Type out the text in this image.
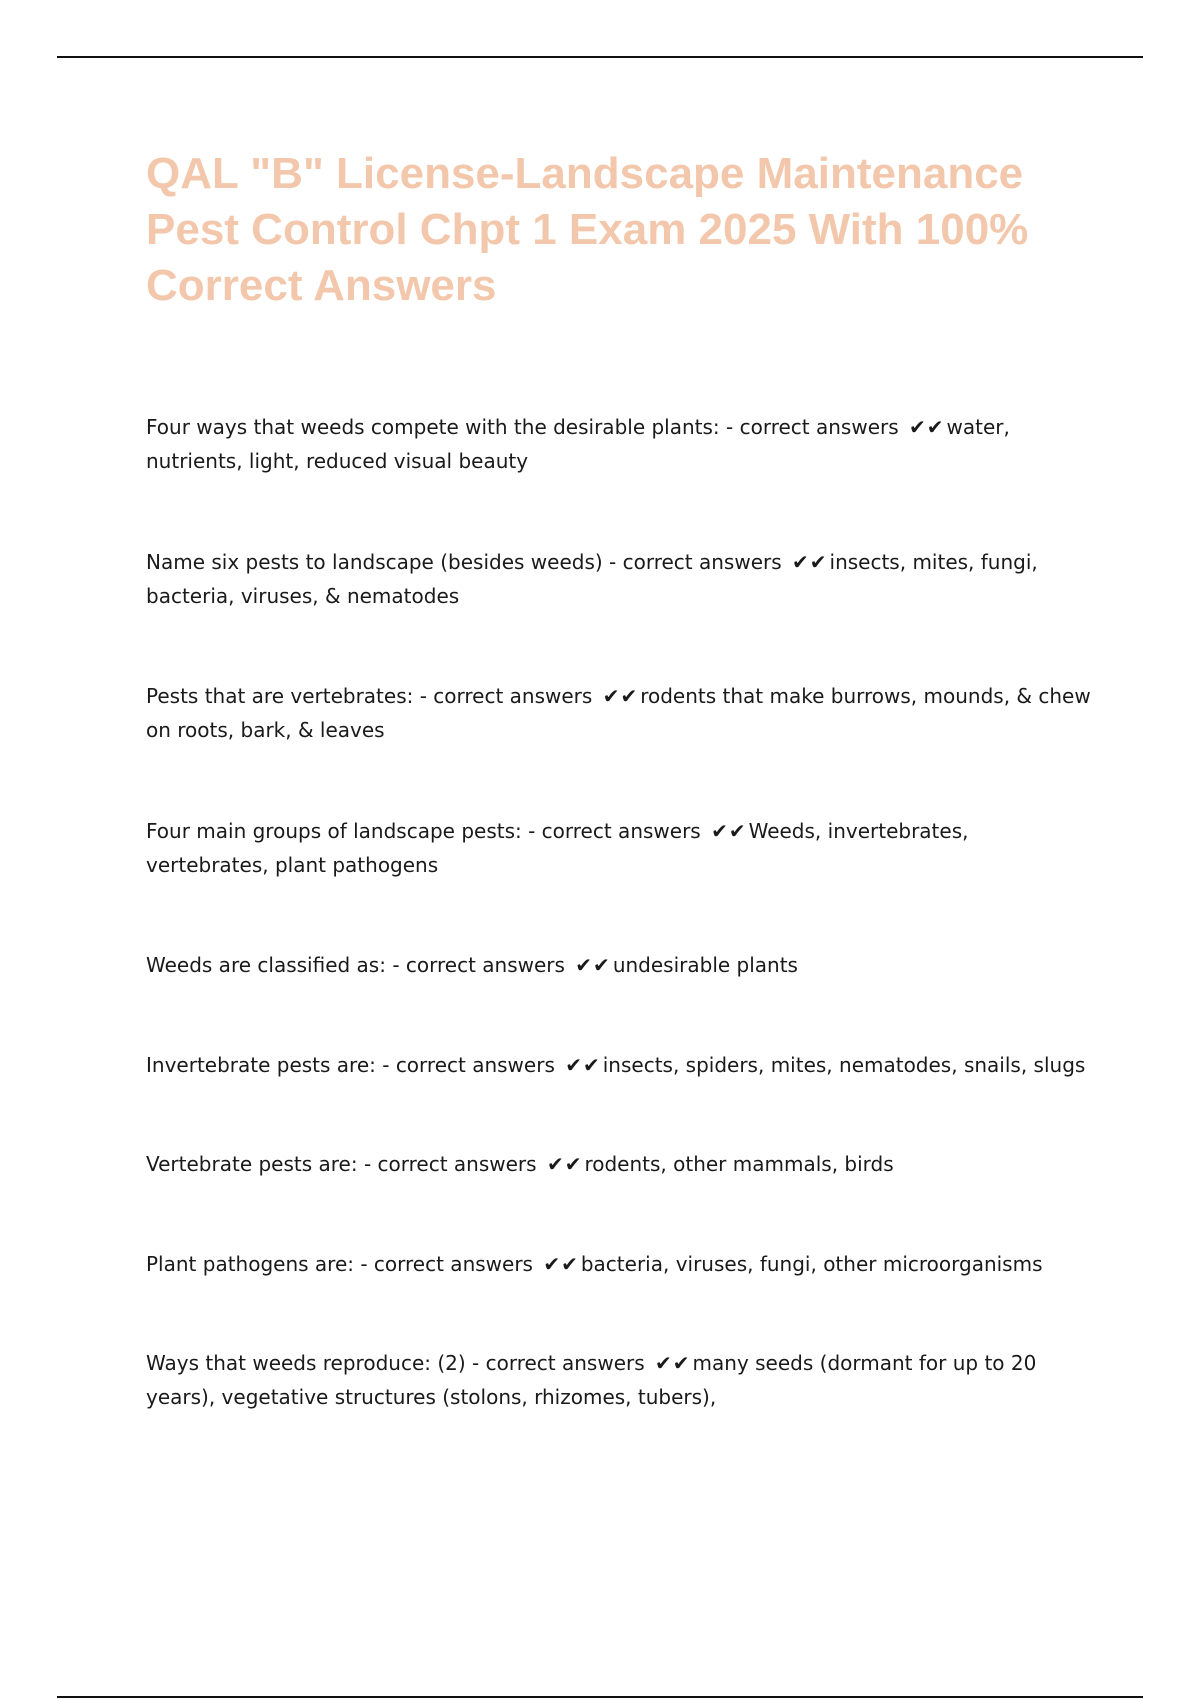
QAL "B" License-Landscape Maintenance Pest Control Chpt 1 Exam 2025 With 100% Correct Answers
Four ways that weeds compete with the desirable plants: - correct answers ✔✔ water, nutrients, light, reduced visual beauty
Name six pests to landscape (besides weeds) - correct answers ✔✔ insects, mites, fungi, bacteria, viruses, & nematodes
Pests that are vertebrates: - correct answers ✔✔ rodents that make burrows, mounds, & chew on roots, bark, & leaves
Four main groups of landscape pests: - correct answers ✔✔ Weeds, invertebrates, vertebrates, plant pathogens
Weeds are classified as: - correct answers ✔✔ undesirable plants
Invertebrate pests are: - correct answers ✔✔ insects, spiders, mites, nematodes, snails, slugs
Vertebrate pests are: - correct answers ✔✔ rodents, other mammals, birds
Plant pathogens are: - correct answers ✔✔ bacteria, viruses, fungi, other microorganisms
Ways that weeds reproduce: (2) - correct answers ✔✔ many seeds (dormant for up to 20 years), vegetative structures (stolons, rhizomes, tubers),
